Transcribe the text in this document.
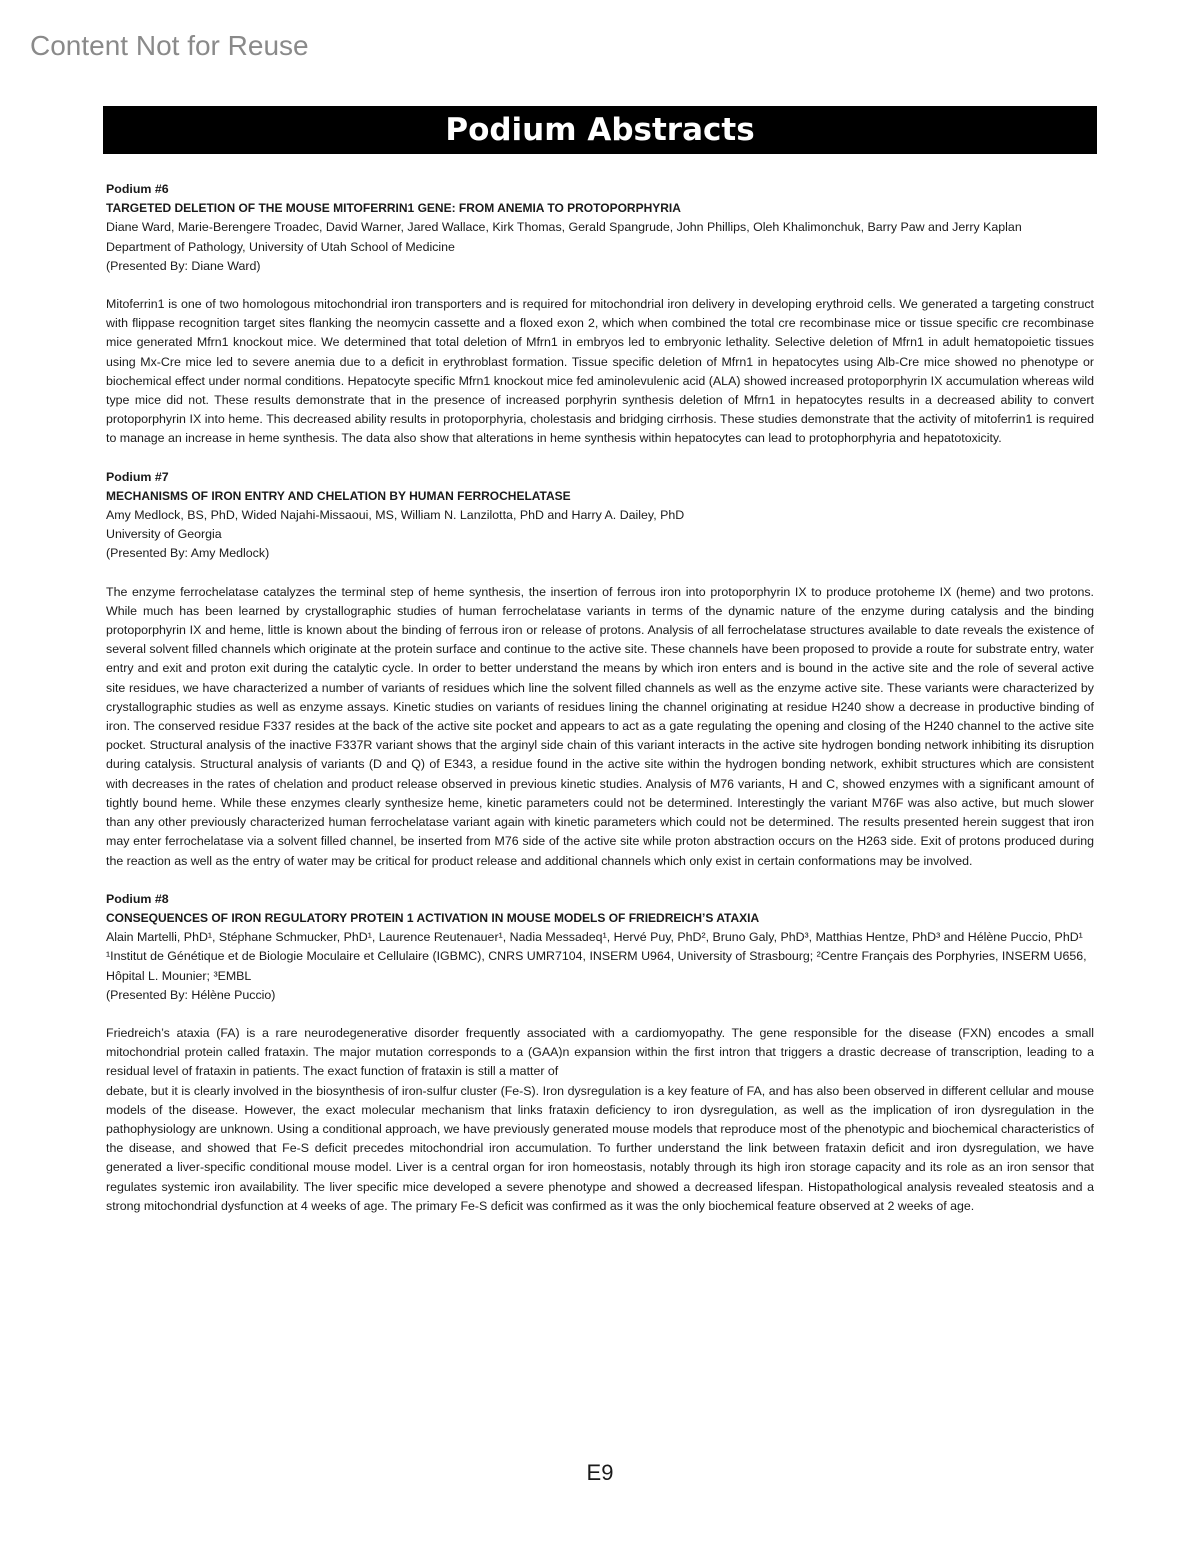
Content Not for Reuse
Podium Abstracts
Podium #6
TARGETED DELETION OF THE MOUSE MITOFERRIN1 GENE: FROM ANEMIA TO PROTOPORPHYRIA
Diane Ward, Marie-Berengere Troadec, David Warner, Jared Wallace, Kirk Thomas, Gerald Spangrude, John Phillips, Oleh Khalimonchuk, Barry Paw and Jerry Kaplan
Department of Pathology, University of Utah School of Medicine
(Presented By: Diane Ward)
Mitoferrin1 is one of two homologous mitochondrial iron transporters and is required for mitochondrial iron delivery in developing erythroid cells. We generated a targeting construct with flippase recognition target sites flanking the neomycin cassette and a floxed exon 2, which when combined the total cre recombinase mice or tissue specific cre recombinase mice generated Mfrn1 knockout mice. We determined that total deletion of Mfrn1 in embryos led to embryonic lethality. Selective deletion of Mfrn1 in adult hematopoietic tissues using Mx-Cre mice led to severe anemia due to a deficit in erythroblast formation. Tissue specific deletion of Mfrn1 in hepatocytes using Alb-Cre mice showed no phenotype or biochemical effect under normal conditions. Hepatocyte specific Mfrn1 knockout mice fed aminolevulenic acid (ALA) showed increased protoporphyrin IX accumulation whereas wild type mice did not. These results demonstrate that in the presence of increased porphyrin synthesis deletion of Mfrn1 in hepatocytes results in a decreased ability to convert protoporphyrin IX into heme. This decreased ability results in protoporphyria, cholestasis and bridging cirrhosis. These studies demonstrate that the activity of mitoferrin1 is required to manage an increase in heme synthesis. The data also show that alterations in heme synthesis within hepatocytes can lead to protophorphyria and hepatotoxicity.
Podium #7
MECHANISMS OF IRON ENTRY AND CHELATION BY HUMAN FERROCHELATASE
Amy Medlock, BS, PhD, Wided Najahi-Missaoui, MS, William N. Lanzilotta, PhD and Harry A. Dailey, PhD
University of Georgia
(Presented By: Amy Medlock)
The enzyme ferrochelatase catalyzes the terminal step of heme synthesis, the insertion of ferrous iron into protoporphyrin IX to produce protoheme IX (heme) and two protons. While much has been learned by crystallographic studies of human ferrochelatase variants in terms of the dynamic nature of the enzyme during catalysis and the binding protoporphyrin IX and heme, little is known about the binding of ferrous iron or release of protons. Analysis of all ferrochelatase structures available to date reveals the existence of several solvent filled channels which originate at the protein surface and continue to the active site. These channels have been proposed to provide a route for substrate entry, water entry and exit and proton exit during the catalytic cycle. In order to better understand the means by which iron enters and is bound in the active site and the role of several active site residues, we have characterized a number of variants of residues which line the solvent filled channels as well as the enzyme active site. These variants were characterized by crystallographic studies as well as enzyme assays. Kinetic studies on variants of residues lining the channel originating at residue H240 show a decrease in productive binding of iron. The conserved residue F337 resides at the back of the active site pocket and appears to act as a gate regulating the opening and closing of the H240 channel to the active site pocket. Structural analysis of the inactive F337R variant shows that the arginyl side chain of this variant interacts in the active site hydrogen bonding network inhibiting its disruption during catalysis. Structural analysis of variants (D and Q) of E343, a residue found in the active site within the hydrogen bonding network, exhibit structures which are consistent with decreases in the rates of chelation and product release observed in previous kinetic studies. Analysis of M76 variants, H and C, showed enzymes with a significant amount of tightly bound heme. While these enzymes clearly synthesize heme, kinetic parameters could not be determined. Interestingly the variant M76F was also active, but much slower than any other previously characterized human ferrochelatase variant again with kinetic parameters which could not be determined. The results presented herein suggest that iron may enter ferrochelatase via a solvent filled channel, be inserted from M76 side of the active site while proton abstraction occurs on the H263 side. Exit of protons produced during the reaction as well as the entry of water may be critical for product release and additional channels which only exist in certain conformations may be involved.
Podium #8
CONSEQUENCES OF IRON REGULATORY PROTEIN 1 ACTIVATION IN MOUSE MODELS OF FRIEDREICH’S ATAXIA
Alain Martelli, PhD¹, Stéphane Schmucker, PhD¹, Laurence Reutenauer¹, Nadia Messadeq¹, Hervé Puy, PhD², Bruno Galy, PhD³, Matthias Hentze, PhD³ and Hélène Puccio, PhD¹
¹Institut de Génétique et de Biologie Moculaire et Cellulaire (IGBMC), CNRS UMR7104, INSERM U964, University of Strasbourg; ²Centre Français des Porphyries, INSERM U656,
Hôpital L. Mounier; ³EMBL
(Presented By: Hélène Puccio)

Friedreich’s ataxia (FA) is a rare neurodegenerative disorder frequently associated with a cardiomyopathy. The gene responsible for the disease (FXN) encodes a small mitochondrial protein called frataxin. The major mutation corresponds to a (GAA)n expansion within the first intron that triggers a drastic decrease of transcription, leading to a residual level of frataxin in patients. The exact function of frataxin is still a matter of

debate, but it is clearly involved in the biosynthesis of iron-sulfur cluster (Fe-S). Iron dysregulation is a key feature of FA, and has also been observed in different cellular and mouse models of the disease. However, the exact molecular mechanism that links frataxin deficiency to iron dysregulation, as well as the implication of iron dysregulation in the pathophysiology are unknown. Using a conditional approach, we have previously generated mouse models that reproduce most of the phenotypic and biochemical characteristics of the disease, and showed that Fe-S deficit precedes mitochondrial iron accumulation. To further understand the link between frataxin deficit and iron dysregulation, we have generated a liver-specific conditional mouse model. Liver is a central organ for iron homeostasis, notably through its high iron storage capacity and its role as an iron sensor that regulates systemic iron availability. The liver specific mice developed a severe phenotype and showed a decreased lifespan. Histopathological analysis revealed steatosis and a strong mitochondrial dysfunction at 4 weeks of age. The primary Fe-S deficit was confirmed as it was the only biochemical feature observed at 2 weeks of age.

E9
